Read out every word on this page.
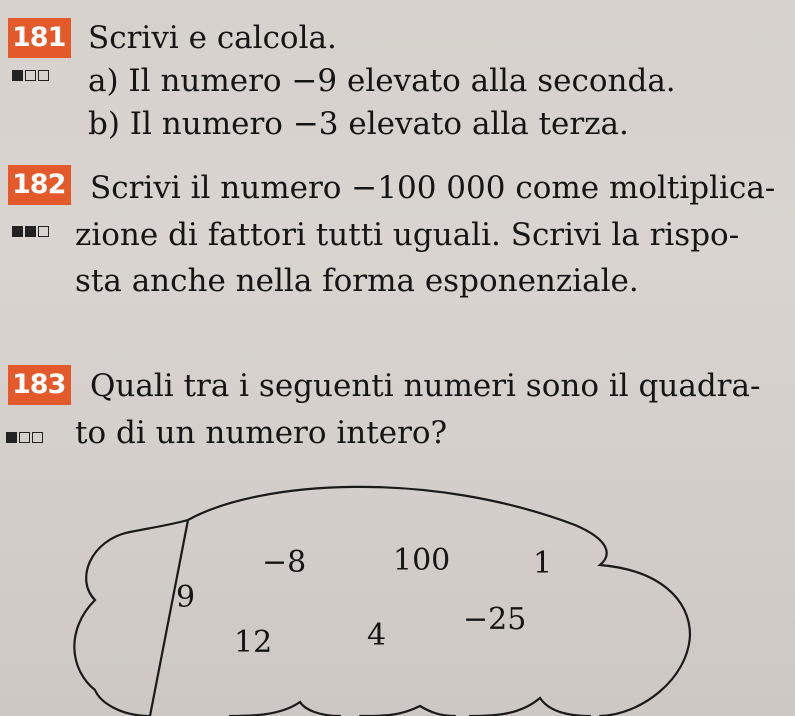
181 Scrivi e calcola.
a) Il numero −9 elevato alla seconda.
b) Il numero −3 elevato alla terza.
182 Scrivi il numero −100 000 come moltiplica-
zione di fattori tutti uguali. Scrivi la rispo-
sta anche nella forma esponenziale.
183 Quali tra i seguenti numeri sono il quadra-
to di un numero intero?
−8	100	1
9
12	4	−25
